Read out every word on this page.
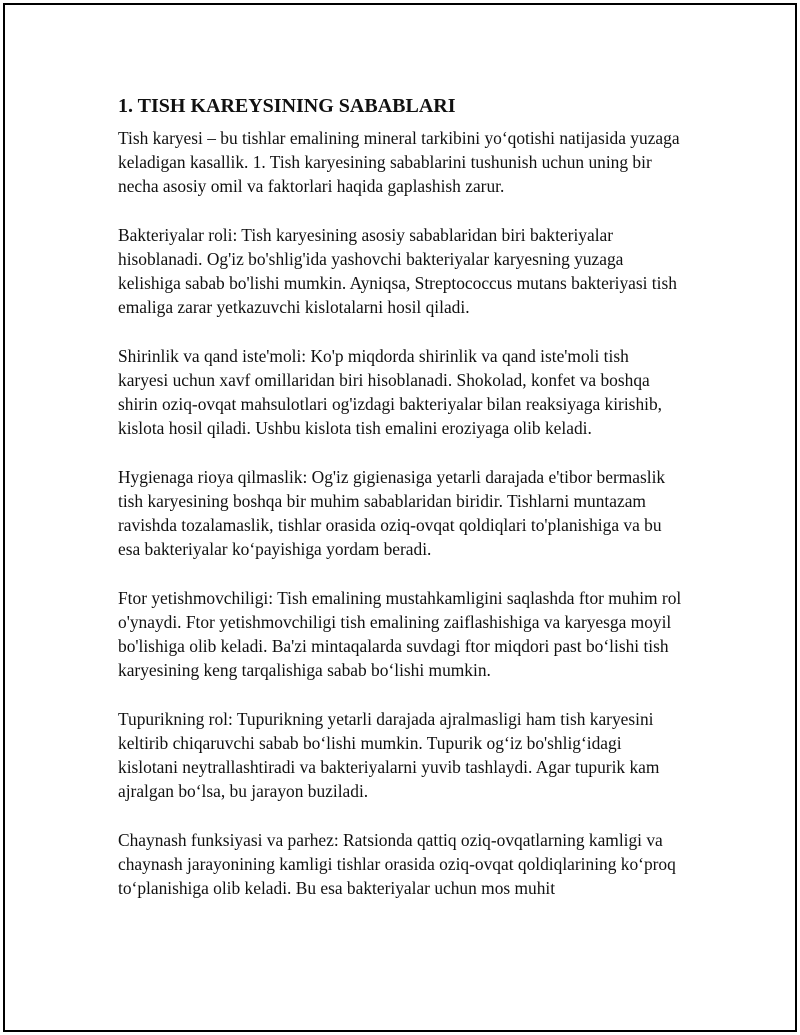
1. TISH KAREYSINING SABABLARI

Tish karyesi – bu tishlar emalining mineral tarkibini yo‘qotishi natijasida yuzaga keladigan kasallik. 1. Tish karyesining sabablarini tushunish uchun uning bir necha asosiy omil va faktorlari haqida gaplashish zarur.

Bakteriyalar roli: Tish karyesining asosiy sabablaridan biri bakteriyalar hisoblanadi. Og'iz bo'shlig'ida yashovchi bakteriyalar karyesning yuzaga kelishiga sabab bo'lishi mumkin. Ayniqsa, Streptococcus mutans bakteriyasi tish emaliga zarar yetkazuvchi kislotalarni hosil qiladi.

Shirinlik va qand iste'moli: Ko'p miqdorda shirinlik va qand iste'moli tish karyesi uchun xavf omillaridan biri hisoblanadi. Shokolad, konfet va boshqa shirin oziq-ovqat mahsulotlari og'izdagi bakteriyalar bilan reaksiyaga kirishib, kislota hosil qiladi. Ushbu kislota tish emalini eroziyaga olib keladi.

Hygienaga rioya qilmaslik: Og'iz gigienasiga yetarli darajada e'tibor bermaslik tish karyesining boshqa bir muhim sabablaridan biridir. Tishlarni muntazam ravishda tozalamaslik, tishlar orasida oziq-ovqat qoldiqlari to'planishiga va bu esa bakteriyalar ko‘payishiga yordam beradi.

Ftor yetishmovchiligi: Tish emalining mustahkamligini saqlashda ftor muhim rol o'ynaydi. Ftor yetishmovchiligi tish emalining zaiflashishiga va karyesga moyil bo'lishiga olib keladi. Ba'zi mintaqalarda suvdagi ftor miqdori past bo‘lishi tish karyesining keng tarqalishiga sabab bo‘lishi mumkin.

Tupurikning rol: Tupurikning yetarli darajada ajralmasligi ham tish karyesini keltirib chiqaruvchi sabab bo‘lishi mumkin. Tupurik og‘iz bo'shlig‘idagi kislotani neytrallashtiradi va bakteriyalarni yuvib tashlaydi. Agar tupurik kam ajralgan bo‘lsa, bu jarayon buziladi.

Chaynash funksiyasi va parhez: Ratsionda qattiq oziq-ovqatlarning kamligi va chaynash jarayonining kamligi tishlar orasida oziq-ovqat qoldiqlarining ko‘proq to‘planishiga olib keladi. Bu esa bakteriyalar uchun mos muhit
